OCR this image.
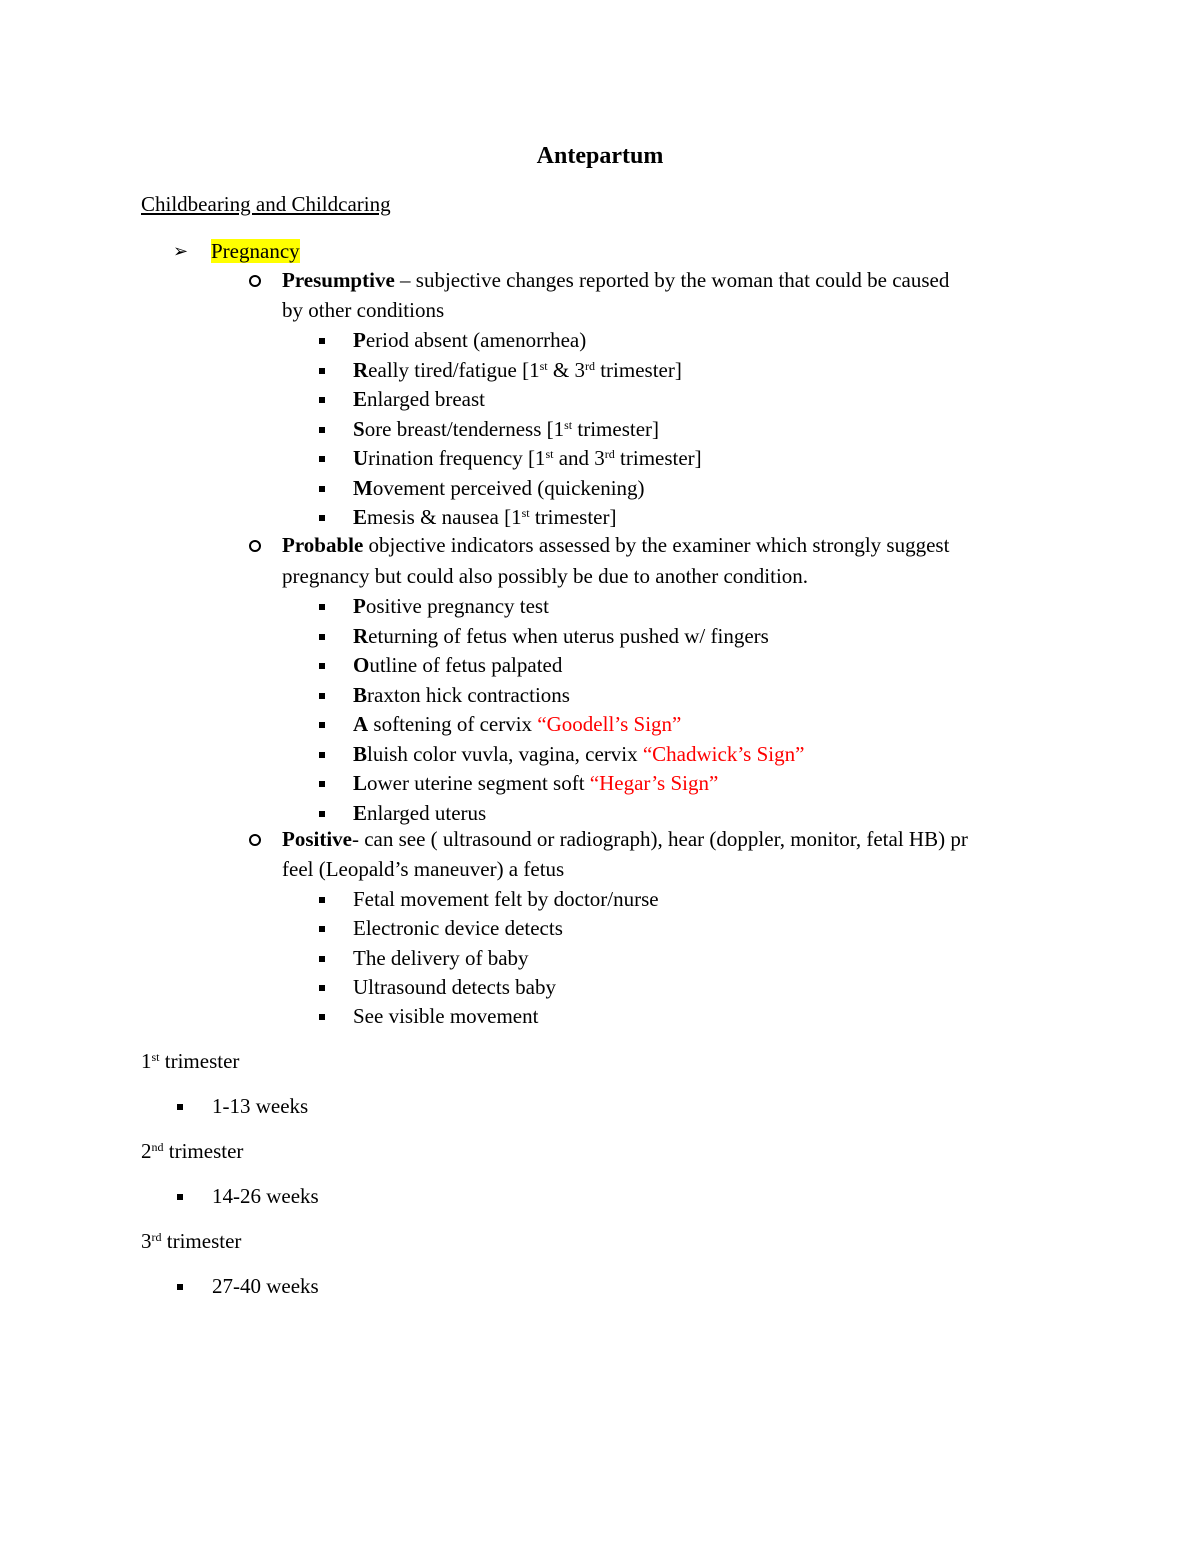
Antepartum
Childbearing and Childcaring
➢ Pregnancy
Presumptive – subjective changes reported by the woman that could be caused
by other conditions
Period absent (amenorrhea)
Really tired/fatigue [1st & 3rd trimester]
Enlarged breast
Sore breast/tenderness [1st trimester]
Urination frequency [1st and 3rd trimester]
Movement perceived (quickening)
Emesis & nausea [1st trimester]
Probable objective indicators assessed by the examiner which strongly suggest
pregnancy but could also possibly be due to another condition.
Positive pregnancy test
Returning of fetus when uterus pushed w/ fingers
Outline of fetus palpated
Braxton hick contractions
A softening of cervix “Goodell’s Sign”
Bluish color vuvla, vagina, cervix “Chadwick’s Sign”
Lower uterine segment soft “Hegar’s Sign”
Enlarged uterus
Positive- can see ( ultrasound or radiograph), hear (doppler, monitor, fetal HB) pr
feel (Leopald’s maneuver) a fetus
Fetal movement felt by doctor/nurse
Electronic device detects
The delivery of baby
Ultrasound detects baby
See visible movement
1st trimester
1-13 weeks
2nd trimester
14-26 weeks
3rd trimester
27-40 weeks
